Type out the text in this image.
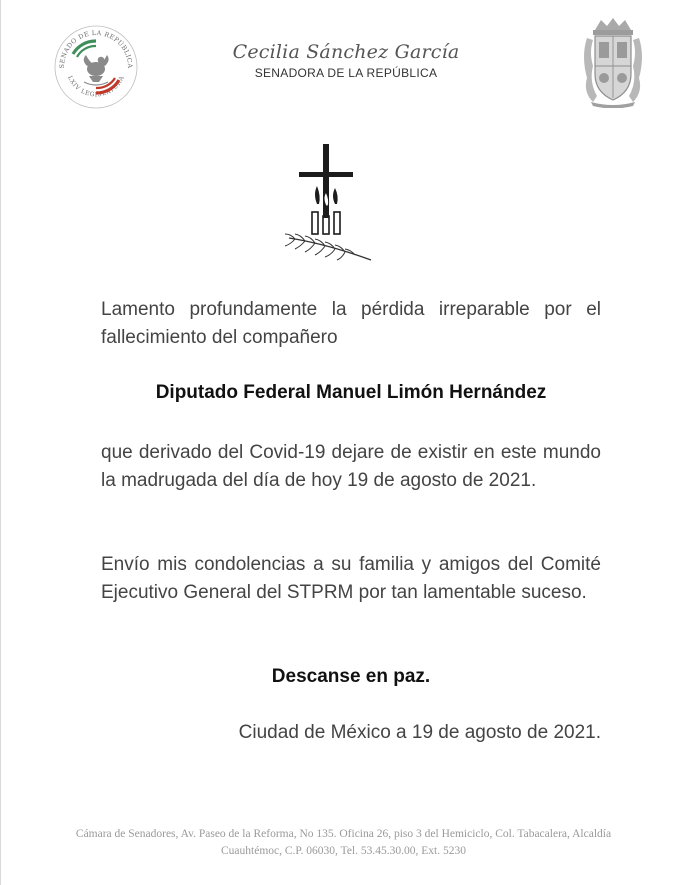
SENADO DE LA REPÚBLICA
LXIV LEGISLATURA
Cecilia Sánchez García
SENADORA DE LA REPÚBLICA
Lamento profundamente la pérdida irreparable por el fallecimiento del compañero
Diputado Federal Manuel Limón Hernández
que derivado del Covid-19 dejare de existir en este mundo la madrugada del día de hoy 19 de agosto de 2021.
Envío mis condolencias a su familia y amigos del Comité Ejecutivo General del STPRM por tan lamentable suceso.
Descanse en paz.
Ciudad de México a 19 de agosto de 2021.
Cámara de Senadores, Av. Paseo de la Reforma, No 135. Oficina 26, piso 3 del Hemiciclo, Col. Tabacalera, Alcaldía
Cuauhtémoc, C.P. 06030, Tel. 53.45.30.00, Ext. 5230
